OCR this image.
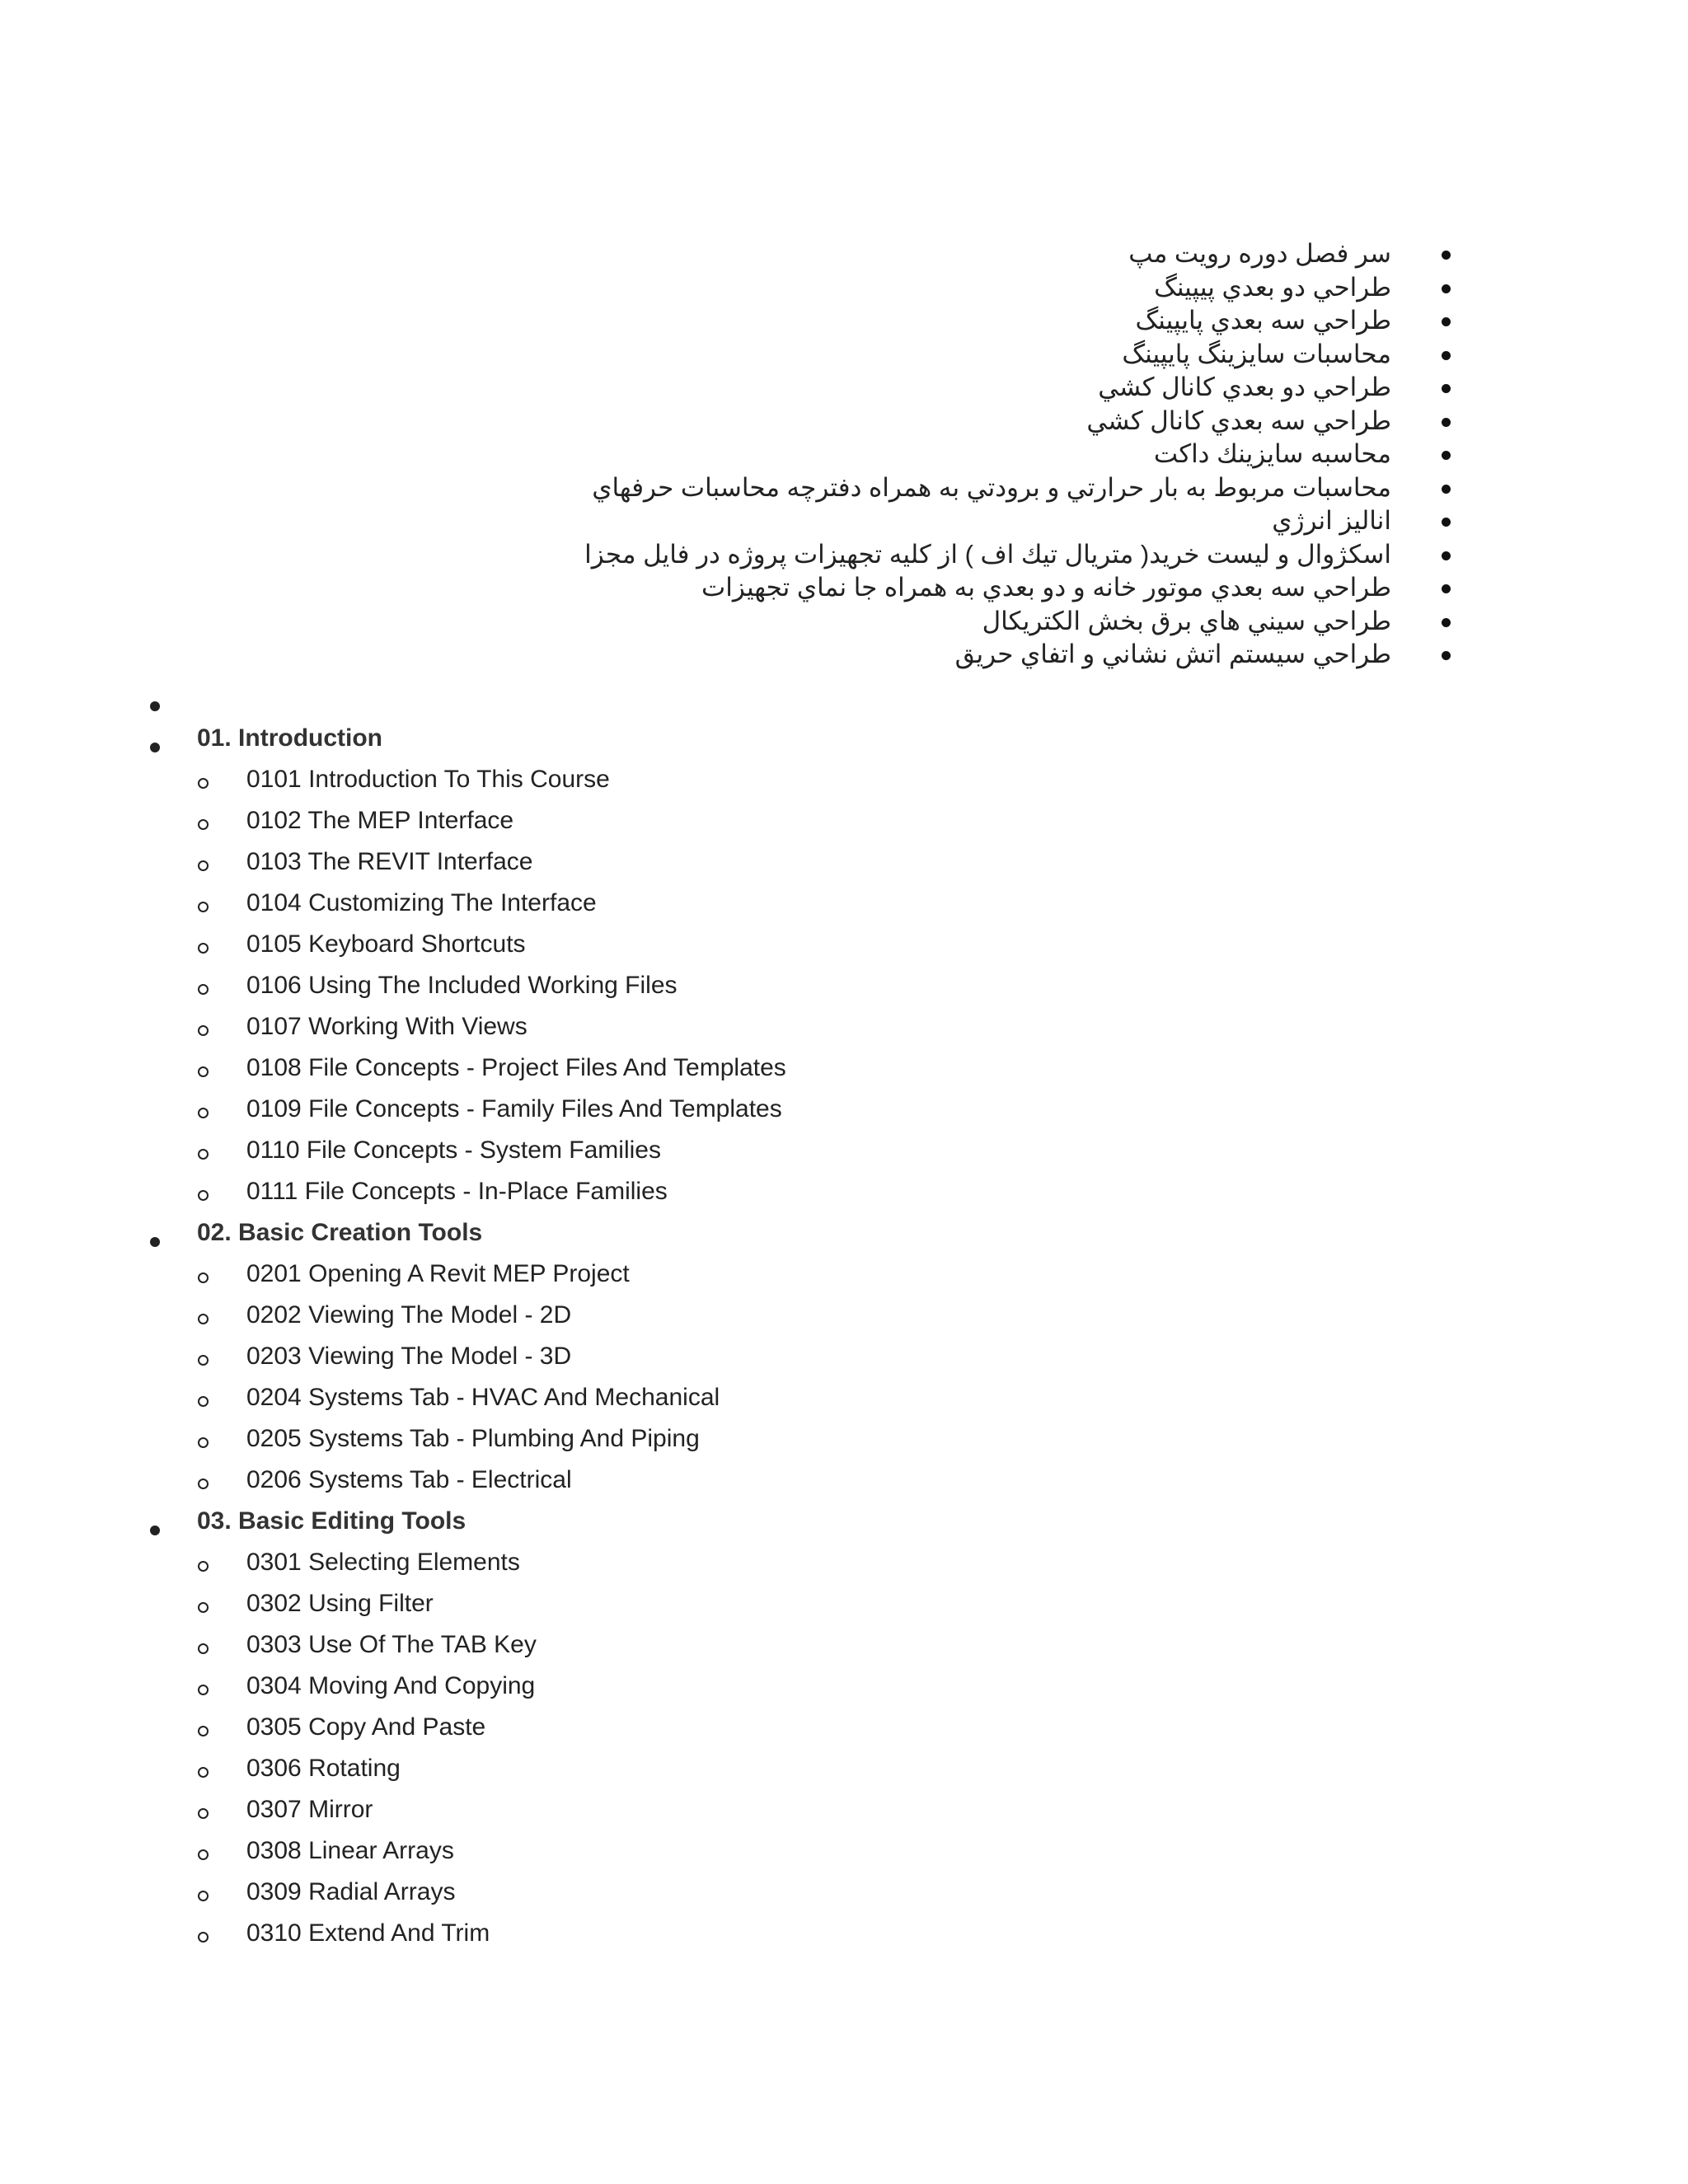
سر فصل دوره رويت مپ
طراحي دو بعدي پيپينگ
طراحي سه بعدي پايپينگ
محاسبات سايزينگ پايپينگ
طراحي دو بعدي كانال كشي
طراحي سه بعدي كانال كشي
محاسبه سايزينك داكت
محاسبات مربوط به بار حرارتي و برودتي به همراه دفترچه محاسبات حرفهاي
اناليز انرژي
اسكژوال و ليست خريد( متريال تيك اف ) از كليه تجهيزات پروژه در فايل مجزا
طراحي سه بعدي موتور خانه و دو بعدي به همراه جا نماي تجهيزات
طراحي سيني هاي برق بخش الكتريكال
طراحي سيستم اتش نشاني و اتفاي حريق
01. Introduction
0101 Introduction To This Course
0102 The MEP Interface
0103 The REVIT Interface
0104 Customizing The Interface
0105 Keyboard Shortcuts
0106 Using The Included Working Files
0107 Working With Views
0108 File Concepts - Project Files And Templates
0109 File Concepts - Family Files And Templates
0110 File Concepts - System Families
0111 File Concepts - In-Place Families
02. Basic Creation Tools
0201 Opening A Revit MEP Project
0202 Viewing The Model - 2D
0203 Viewing The Model - 3D
0204 Systems Tab - HVAC And Mechanical
0205 Systems Tab - Plumbing And Piping
0206 Systems Tab - Electrical
03. Basic Editing Tools
0301 Selecting Elements
0302 Using Filter
0303 Use Of The TAB Key
0304 Moving And Copying
0305 Copy And Paste
0306 Rotating
0307 Mirror
0308 Linear Arrays
0309 Radial Arrays
0310 Extend And Trim
